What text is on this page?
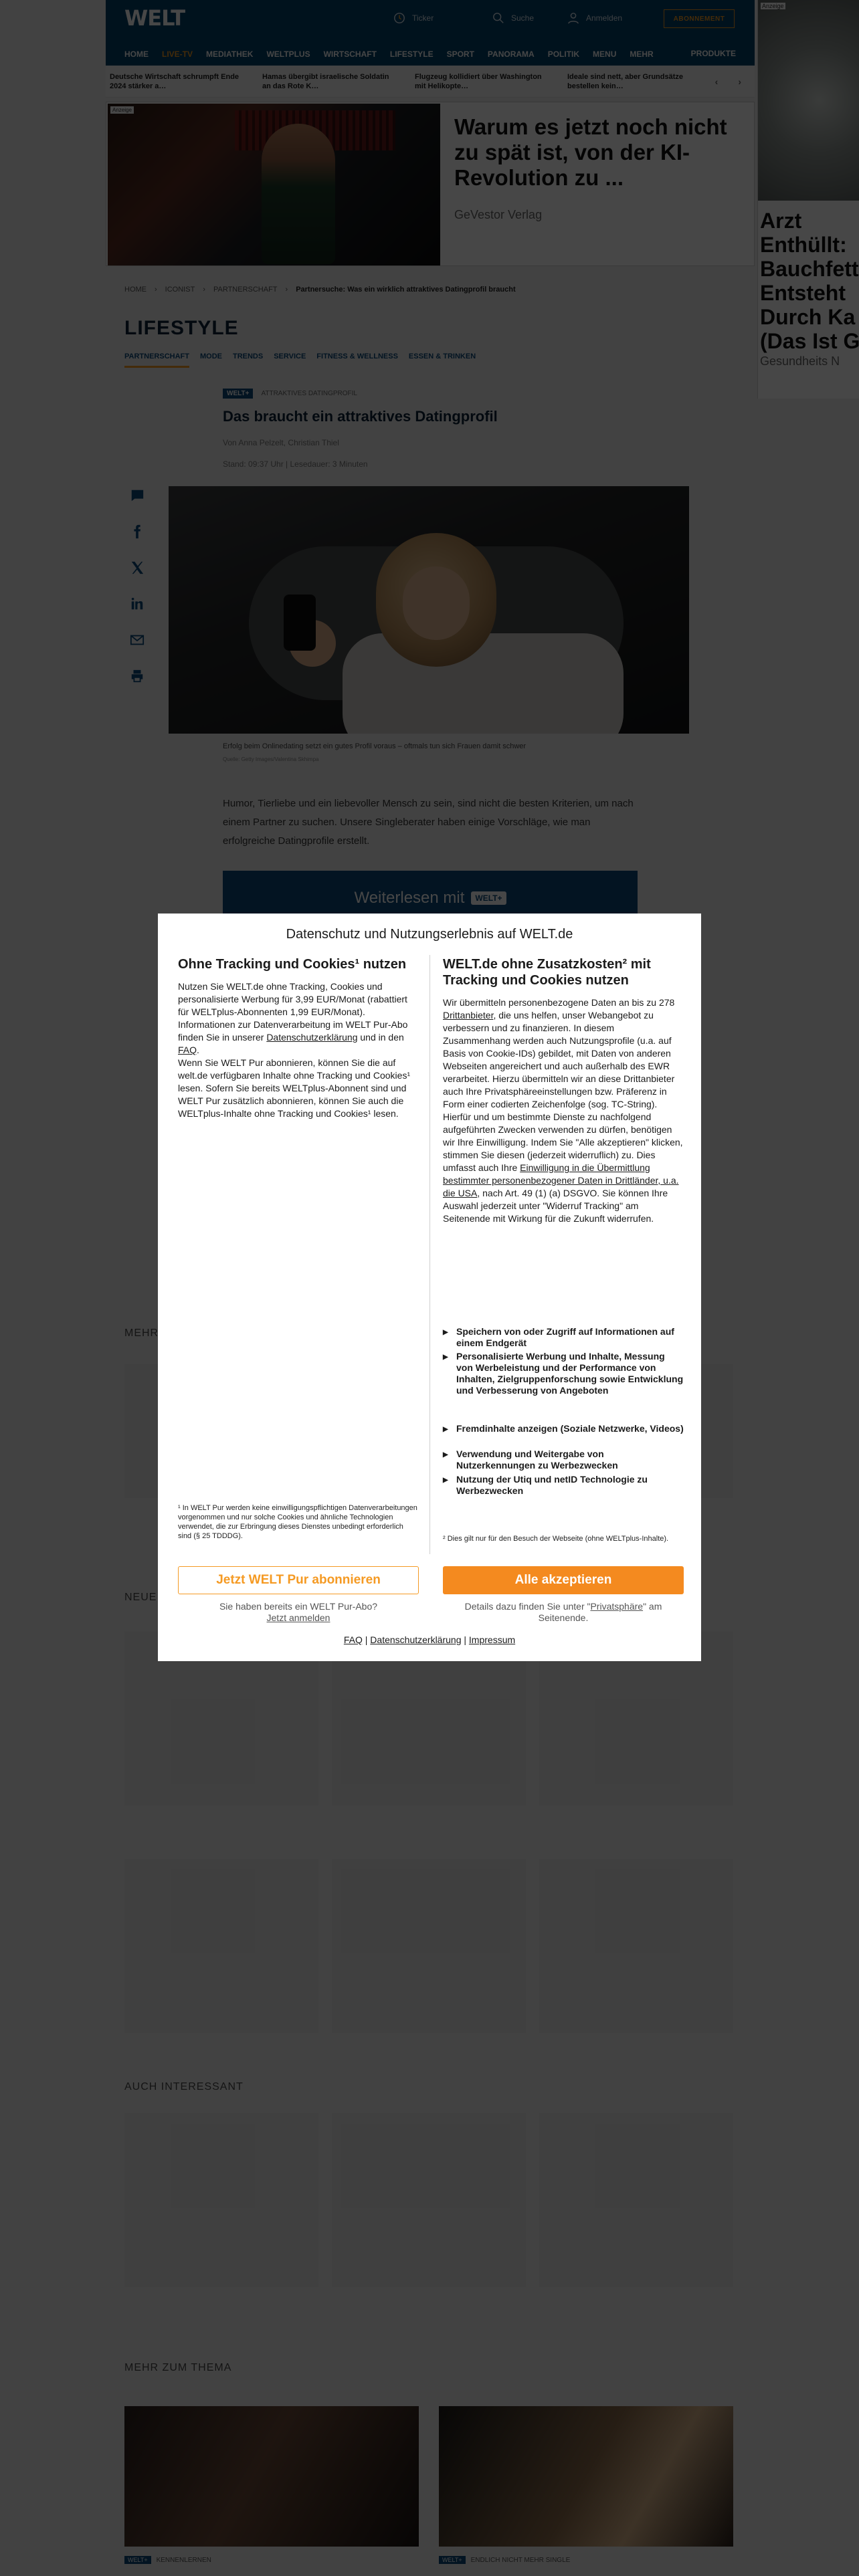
Datenschutz und Nutzungserlebnis auf WELT.de
Ohne Tracking und Cookies¹ nutzen
Nutzen Sie WELT.de ohne Tracking, Cookies und personalisierte Werbung für 3,99 EUR/Monat (rabattiert für WELTplus-Abonnenten 1,99 EUR/Monat). Informationen zur Datenverarbeitung im WELT Pur-Abo finden Sie in unserer Datenschutzerklärung und in den FAQ.
Wenn Sie WELT Pur abonnieren, können Sie die auf welt.de verfügbaren Inhalte ohne Tracking und Cookies¹ lesen. Sofern Sie bereits WELTplus-Abonnent sind und WELT Pur zusätzlich abonnieren, können Sie auch die WELTplus-Inhalte ohne Tracking und Cookies¹ lesen.
WELT.de ohne Zusatzkosten² mit Tracking und Cookies nutzen
Wir übermitteln personenbezogene Daten an bis zu 278 Drittanbieter, die uns helfen, unser Webangebot zu verbessern und zu finanzieren. In diesem Zusammenhang werden auch Nutzungsprofile (u.a. auf Basis von Cookie-IDs) gebildet, mit Daten von anderen Webseiten angereichert und auch außerhalb des EWR verarbeitet. Hierzu übermitteln wir an diese Drittanbieter auch Ihre Privatsphäreeinstellungen bzw. Präferenz in Form einer codierten Zeichenfolge (sog. TC-String). Hierfür und um bestimmte Dienste zu nachfolgend aufgeführten Zwecken verwenden zu dürfen, benötigen wir Ihre Einwilligung. Indem Sie "Alle akzeptieren" klicken, stimmen Sie diesen (jederzeit widerruflich) zu. Dies umfasst auch Ihre Einwilligung in die Übermittlung bestimmter personenbezogener Daten in Drittländer, u.a. die USA, nach Art. 49 (1) (a) DSGVO. Sie können Ihre Auswahl jederzeit unter "Widerruf Tracking" am Seitenende mit Wirkung für die Zukunft widerrufen.
▶ Speichern von oder Zugriff auf Informationen auf einem Endgerät
▶ Personalisierte Werbung und Inhalte, Messung von Werbeleistung und der Performance von Inhalten, Zielgruppenforschung sowie Entwicklung und Verbesserung von Angeboten
▶ Fremdinhalte anzeigen (Soziale Netzwerke, Videos)
▶ Verwendung und Weitergabe von Nutzerkennungen zu Werbezwecken
▶ Nutzung der Utiq und netID Technologie zu Werbezwecken
¹ In WELT Pur werden keine einwilligungspflichtigen Datenverarbeitungen vorgenommen und nur solche Cookies und ähnliche Technologien verwendet, die zur Erbringung dieses Dienstes unbedingt erforderlich sind (§ 25 TDDDG).	² Dies gilt nur für den Besuch der Webseite (ohne WELTplus-Inhalte).
Jetzt WELT Pur abonnieren	Alle akzeptieren
Sie haben bereits ein WELT Pur-Abo?
Jetzt anmelden
Details dazu finden Sie unter "Privatsphäre" am Seitenende.
FAQ | Datenschutzerklärung | Impressum
